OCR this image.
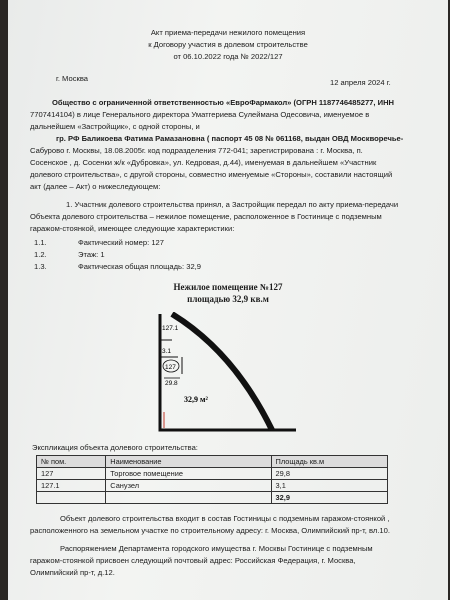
Акт приема-передачи нежилого помещения
к Договору участия в долевом строительстве
от 06.10.2022 года № 2022/127
г. Москва	12 апреля 2024 г.
Общество с ограниченной ответственностью «ЕвроФармакол» (ОГРН 1187746485277, ИНН
7707414104) в лице Генерального директора Уматгериева Сулеймана Одесовича, именуемое в
дальнейшем «Застройщик», с одной стороны, и
гр. РФ Баликоева Фатима Рамазановна ( паспорт 45 08 № 061168, выдан ОВД Москворечье-
Сабурово г. Москвы, 18.08.2005г. код подразделения 772-041; зарегистрирована : г. Москва, п.
Сосенское , д. Сосенки ж/к «Дубровка», ул. Кедровая, д.44), именуемая в дальнейшем «Участник
долевого строительства», с другой стороны, совместно именуемые «Стороны», составили настоящий
акт (далее – Акт) о нижеследующем:
1. Участник долевого строительства принял, а Застройщик передал по акту приема-передачи
Объекта долевого строительства – нежилое помещение, расположенное в Гостинице с подземным
гаражом-стоянкой, имеющее следующие характеристики:
1.1.	Фактический номер: 127
1.2.	Этаж: 1
1.3.	Фактическая общая площадь: 32,9
Нежилое помещение №127
площадью 32,9 кв.м
127.1
3.1
127
29.8
32,9 м²
Экспликация объекта долевого строительства:
№ пом.	Наименование	Площадь кв.м
127	Торговое помещение	29,8
127.1	Санузел	3,1
		32,9
Объект долевого строительства входит в состав Гостиницы с подземным гаражом-стоянкой ,
расположенного на земельном участке по строительному адресу: г. Москва, Олимпийский пр-т, вл.10.
Распоряжением Департамента городского имущества г. Москвы Гостинице с подземным
гаражом-стоянкой присвоен следующий почтовый адрес: Российская Федерация, г. Москва,
Олимпийский пр-т, д.12.
